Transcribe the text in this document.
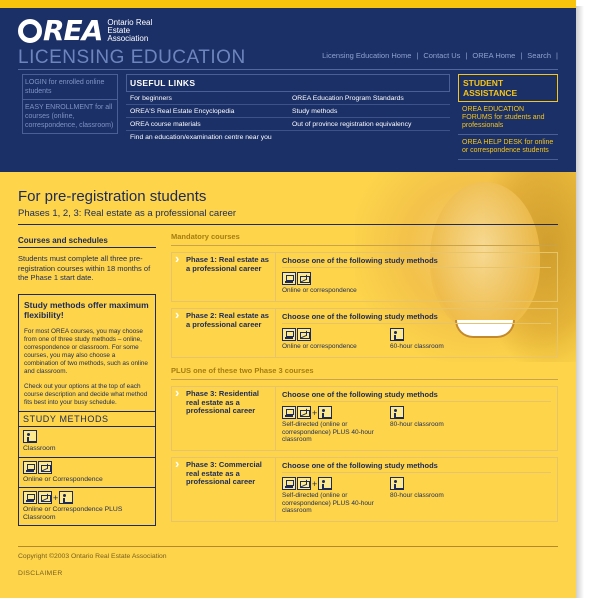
REA Ontario Real Estate Association
LICENSING EDUCATION	Licensing Education Home | Contact Us | OREA Home | Search |
LOGIN for enrolled online students
EASY ENROLLMENT for all courses (online, correspondence, classroom)
USEFUL LINKS
For beginners	OREA Education Program Standards
OREA'S Real Estate Encyclopedia	Study methods
OREA course materials	Out of province registration equivalency
Find an education/examination centre near you
STUDENT ASSISTANCE
OREA EDUCATION FORUMS for students and professionals
OREA HELP DESK for online or correspondence students
For pre-registration students
Phases 1, 2, 3: Real estate as a professional career
Courses and schedules
Students must complete all three pre-registration courses within 18 months of the Phase 1 start date.
Study methods offer maximum flexibility!

For most OREA courses, you may choose from one of three study methods – online, correspondence or classroom. For some courses, you may also choose a combination of two methods, such as online and classroom.

Check out your options at the top of each course description and decide what method fits best into your busy schedule.

STUDY METHODS
Classroom
Online or Correspondence
+
Online or Correspondence PLUS Classroom
Mandatory courses
› Phase 1: Real estate as a professional career
Choose one of the following study methods
Online or correspondence
› Phase 2: Real estate as a professional career
Choose one of the following study methods
Online or correspondence	60-hour classroom
PLUS one of these two Phase 3 courses
› Phase 3: Residential real estate as a professional career
Choose one of the following study methods
+
Self-directed (online or correspondence) PLUS 40-hour classroom
80-hour classroom
› Phase 3: Commercial real estate as a professional career
Choose one of the following study methods
+
Self-directed (online or correspondence) PLUS 40-hour classroom
80-hour classroom
Copyright ©2003 Ontario Real Estate Association
DISCLAIMER
